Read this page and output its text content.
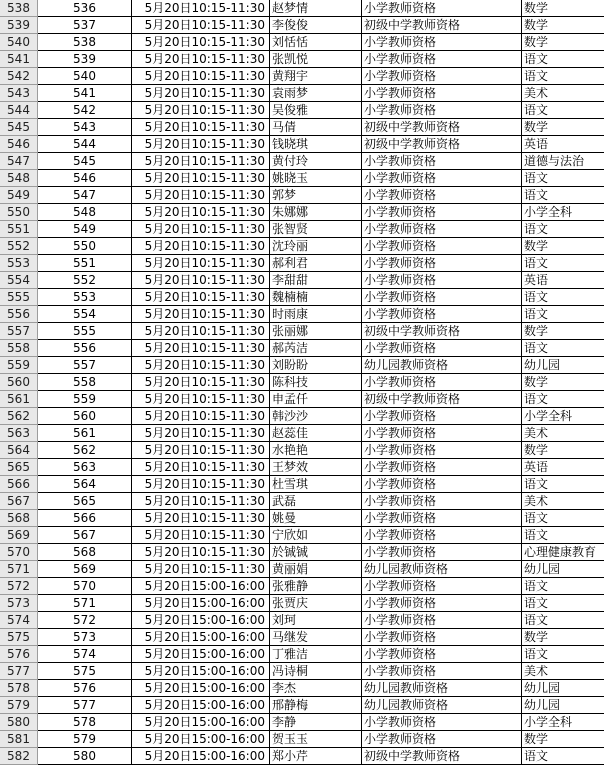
538	536	5月20日10:15-11:30 赵梦情	小学教师资格	数学
539	537	5月20日10:15-11:30 李俊俊	初级中学教师资格	数学
540	538	5月20日10:15-11:30 刘恬恬	小学教师资格	数学
541	539	5月20日10:15-11:30 张凯悦	小学教师资格	语文
542	540	5月20日10:15-11:30 黄翔宇	小学教师资格	语文
543	541	5月20日10:15-11:30 袁雨梦	小学教师资格	美术
544	542	5月20日10:15-11:30 吴俊雅	小学教师资格	语文
545	543	5月20日10:15-11:30 马倩	初级中学教师资格	数学
546	544	5月20日10:15-11:30 钱晓琪	初级中学教师资格	英语
547	545	5月20日10:15-11:30 黄付玲	小学教师资格	道德与法治
548	546	5月20日10:15-11:30 姚晓玉	小学教师资格	语文
549	547	5月20日10:15-11:30 郭梦	小学教师资格	语文
550	548	5月20日10:15-11:30 朱娜娜	小学教师资格	小学全科
551	549	5月20日10:15-11:30 张智贤	小学教师资格	语文
552	550	5月20日10:15-11:30 沈玲丽	小学教师资格	数学
553	551	5月20日10:15-11:30 郝利君	小学教师资格	语文
554	552	5月20日10:15-11:30 李甜甜	小学教师资格	英语
555	553	5月20日10:15-11:30 魏楠楠	小学教师资格	语文
556	554	5月20日10:15-11:30 时雨康	小学教师资格	语文
557	555	5月20日10:15-11:30 张丽娜	初级中学教师资格	数学
558	556	5月20日10:15-11:30 郝芮洁	小学教师资格	语文
559	557	5月20日10:15-11:30 刘盼盼	幼儿园教师资格	幼儿园
560	558	5月20日10:15-11:30 陈科技	小学教师资格	数学
561	559	5月20日10:15-11:30 申孟仟	初级中学教师资格	语文
562	560	5月20日10:15-11:30 韩沙沙	小学教师资格	小学全科
563	561	5月20日10:15-11:30 赵蕊佳	小学教师资格	美术
564	562	5月20日10:15-11:30 水艳艳	小学教师资格	数学
565	563	5月20日10:15-11:30 王梦效	小学教师资格	英语
566	564	5月20日10:15-11:30 杜雪琪	小学教师资格	语文
567	565	5月20日10:15-11:30 武磊	小学教师资格	美术
568	566	5月20日10:15-11:30 姚曼	小学教师资格	语文
569	567	5月20日10:15-11:30 宁欣如	小学教师资格	语文
570	568	5月20日10:15-11:30 於铖铖	小学教师资格	心理健康教育
571	569	5月20日10:15-11:30 黄丽娟	幼儿园教师资格	幼儿园
572	570	5月20日15:00-16:00 张雅静	小学教师资格	语文
573	571	5月20日15:00-16:00 张贾庆	小学教师资格	语文
574	572	5月20日15:00-16:00 刘珂	小学教师资格	语文
575	573	5月20日15:00-16:00 马继发	小学教师资格	数学
576	574	5月20日15:00-16:00 丁雅洁	小学教师资格	语文
577	575	5月20日15:00-16:00 冯诗桐	小学教师资格	美术
578	576	5月20日15:00-16:00 李杰	幼儿园教师资格	幼儿园
579	577	5月20日15:00-16:00 邢静梅	幼儿园教师资格	幼儿园
580	578	5月20日15:00-16:00 李静	小学教师资格	小学全科
581	579	5月20日15:00-16:00 贺玉玉	小学教师资格	数学
582	580	5月20日15:00-16:00 郑小芹	初级中学教师资格	语文
